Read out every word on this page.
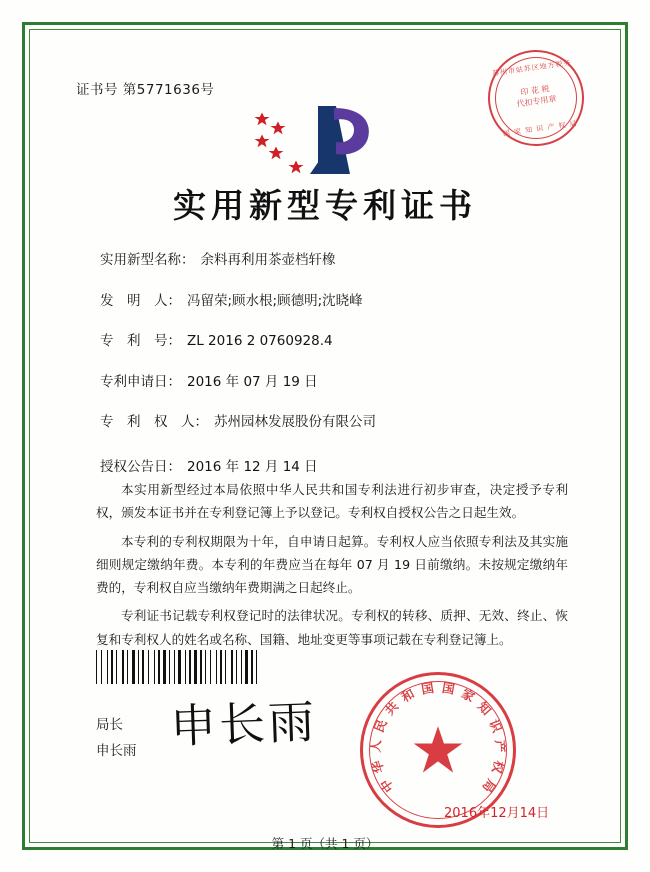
证书号 第5771636号
苏州市姑苏区地方税务
印 花 税
代扣专用章
国 家 知 识 产 权 局
实用新型专利证书
实用新型名称： 余料再利用茶壶档轩橡
发　明　人： 冯留荣;顾水根;顾德明;沈晓峰
专　利　号： ZL 2016 2 0760928.4
专利申请日： 2016 年 07 月 19 日
专　利　权　人： 苏州园林发展股份有限公司
授权公告日： 2016 年 12 月 14 日

本实用新型经过本局依照中华人民共和国专利法进行初步审查，决定授予专利权，颁发本证书并在专利登记簿上予以登记。专利权自授权公告之日起生效。

本专利的专利权期限为十年，自申请日起算。专利权人应当依照专利法及其实施细则规定缴纳年费。本专利的年费应当在每年 07 月 19 日前缴纳。未按规定缴纳年费的，专利权自应当缴纳年费期满之日起终止。

专利证书记载专利权登记时的法律状况。专利权的转移、质押、无效、终止、恢复和专利权人的姓名或名称、国籍、地址变更等事项记载在专利登记簿上。

局长
申长雨 申长雨
中
华
人
民
共
和 国 国 家
知
识
产
权
局
2016年12月14日
第 1 页（共 1 页）
